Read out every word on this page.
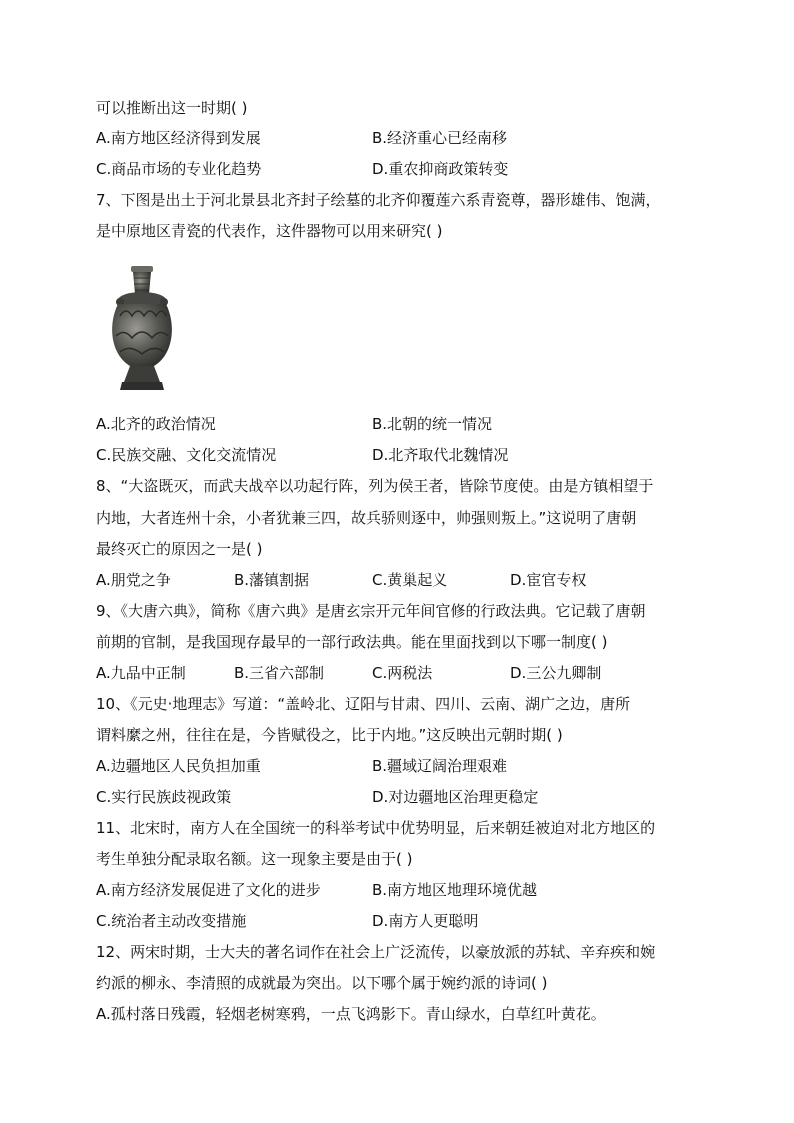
可以推断出这一时期( )
A.南方地区经济得到发展	B.经济重心已经南移
C.商品市场的专业化趋势	D.重农抑商政策转变
7、下图是出土于河北景县北齐封子绘墓的北齐仰覆莲六系青瓷尊，器形雄伟、饱满，
是中原地区青瓷的代表作，这件器物可以用来研究( )
A.北齐的政治情况	B.北朝的统一情况
C.民族交融、文化交流情况	D.北齐取代北魏情况
8、“大盗既灭，而武夫战卒以功起行阵，列为侯王者，皆除节度使。由是方镇相望于
内地，大者连州十余，小者犹兼三四，故兵骄则逐中，帅强则叛上。”这说明了唐朝
最终灭亡的原因之一是( )
A.朋党之争	B.藩镇割据	C.黄巢起义	D.宦官专权
9、《大唐六典》，简称《唐六典》是唐玄宗开元年间官修的行政法典。它记载了唐朝
前期的官制，是我国现存最早的一部行政法典。能在里面找到以下哪一制度( )
A.九品中正制	B.三省六部制	C.两税法	D.三公九卿制
10、《元史·地理志》写道：“盖岭北、辽阳与甘肃、四川、云南、湖广之边，唐所
谓料縻之州，往往在是，今皆赋役之，比于内地。”这反映出元朝时期( )
A.边疆地区人民负担加重	B.疆域辽阔治理艰难
C.实行民族歧视政策	D.对边疆地区治理更稳定
11、北宋时，南方人在全国统一的科举考试中优势明显，后来朝廷被迫对北方地区的
考生单独分配录取名额。这一现象主要是由于( )
A.南方经济发展促进了文化的进步	B.南方地区地理环境优越
C.统治者主动改变措施	D.南方人更聪明
12、两宋时期，士大夫的著名词作在社会上广泛流传，以豪放派的苏轼、辛弃疾和婉
约派的柳永、李清照的成就最为突出。以下哪个属于婉约派的诗词( )
A.孤村落日残霞，轻烟老树寒鸦，一点飞鸿影下。青山绿水，白草红叶黄花。
